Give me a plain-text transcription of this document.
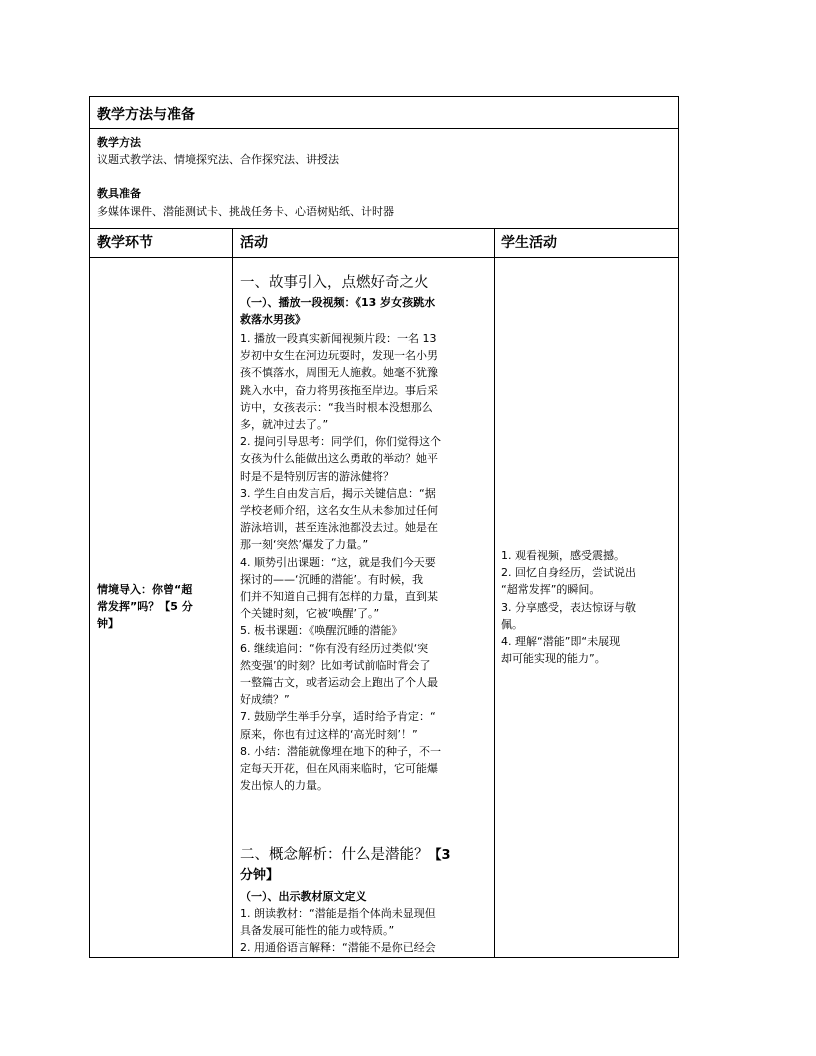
教学方法与准备
教学方法
议题式教学法、情境探究法、合作探究法、讲授法
教具准备
多媒体课件、潜能测试卡、挑战任务卡、心语树贴纸、计时器
教学环节	活动	学生活动
情境导入：你曾“超
常发挥”吗？【5 分
钟】
一、故事引入，点燃好奇之火
（一）、播放一段视频：《13 岁女孩跳水
救落水男孩》
1. 播放一段真实新闻视频片段：一名 13
岁初中女生在河边玩耍时，发现一名小男
孩不慎落水，周围无人施救。她毫不犹豫
跳入水中，奋力将男孩拖至岸边。事后采
访中，女孩表示：“我当时根本没想那么
多，就冲过去了。”
2. 提问引导思考：同学们，你们觉得这个
女孩为什么能做出这么勇敢的举动？她平
时是不是特别厉害的游泳健将？
3. 学生自由发言后，揭示关键信息：“据
学校老师介绍，这名女生从未参加过任何
游泳培训，甚至连泳池都没去过。她是在
那一刻‘突然’爆发了力量。”
4. 顺势引出课题：“这，就是我们今天要
探讨的——‘沉睡的潜能’。有时候，我
们并不知道自己拥有怎样的力量，直到某
个关键时刻，它被‘唤醒’了。”
5. 板书课题：《唤醒沉睡的潜能》
6. 继续追问：“你有没有经历过类似‘突
然变强’的时刻？比如考试前临时背会了
一整篇古文，或者运动会上跑出了个人最
好成绩？”
7. 鼓励学生举手分享，适时给予肯定：“
原来，你也有过这样的‘高光时刻’！”
8. 小结：潜能就像埋在地下的种子，不一
定每天开花，但在风雨来临时，它可能爆
发出惊人的力量。
二、概念解析：什么是潜能？【3
分钟】
（一）、出示教材原文定义
1. 朗读教材：“潜能是指个体尚未显现但
具备发展可能性的能力或特质。”
2. 用通俗语言解释：“潜能不是你已经会
1. 观看视频，感受震撼。
2. 回忆自身经历，尝试说出
“超常发挥”的瞬间。
3. 分享感受，表达惊讶与敬
佩。
4. 理解“潜能”即“未展现
却可能实现的能力”。
